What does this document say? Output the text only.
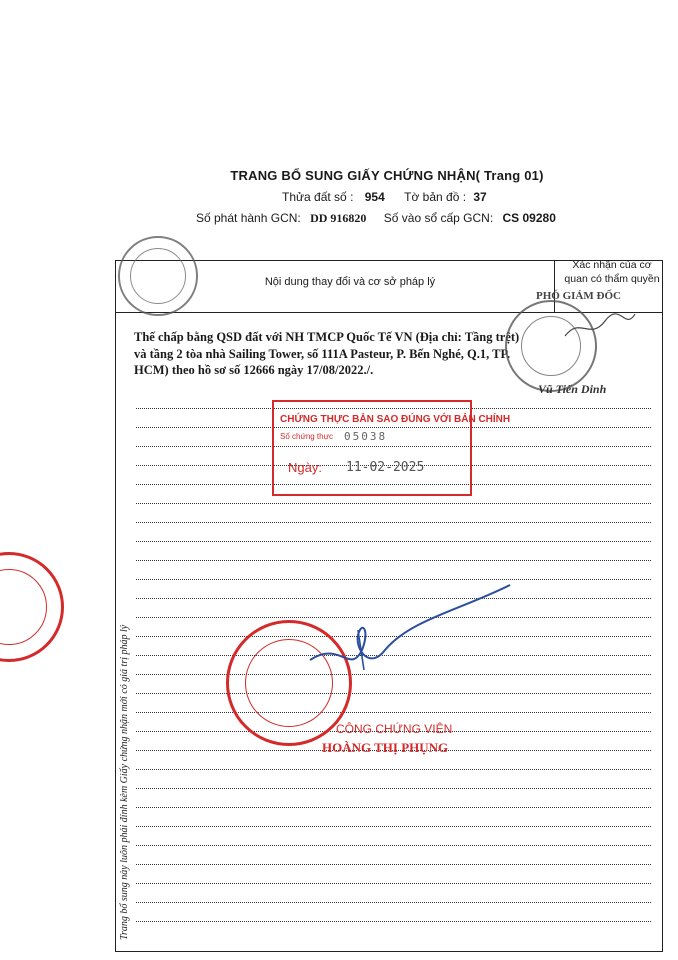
TRANG BỔ SUNG GIẤY CHỨNG NHẬN( Trang 01)
Thửa đất số : 954 Tờ bản đồ : 37
Số phát hành GCN: DD 916820 Số vào sổ cấp GCN: CS 09280
Nội dung thay đổi và cơ sở pháp lý
Xác nhận của cơ quan có thẩm quyền
Thế chấp bằng QSD đất với NH TMCP Quốc Tế VN (Địa chỉ: Tầng trệt) và tầng 2 tòa nhà Sailing Tower, số 111A Pasteur, P. Bến Nghé, Q.1, TP. HCM) theo hồ sơ số 12666 ngày 17/08/2022./.
PHÓ GIÁM ĐỐC
Vũ Tiến Dinh
Trang bổ sung này luôn phải đính kèm Giấy chứng nhận mới có giá trị pháp lý
CHỨNG THỰC BẢN SAO ĐÚNG VỚI BẢN CHÍNH
Số chứng thực 05038
Ngày: 11-02-2025
CÔNG CHỨNG VIÊN
HOÀNG THỊ PHỤNG
